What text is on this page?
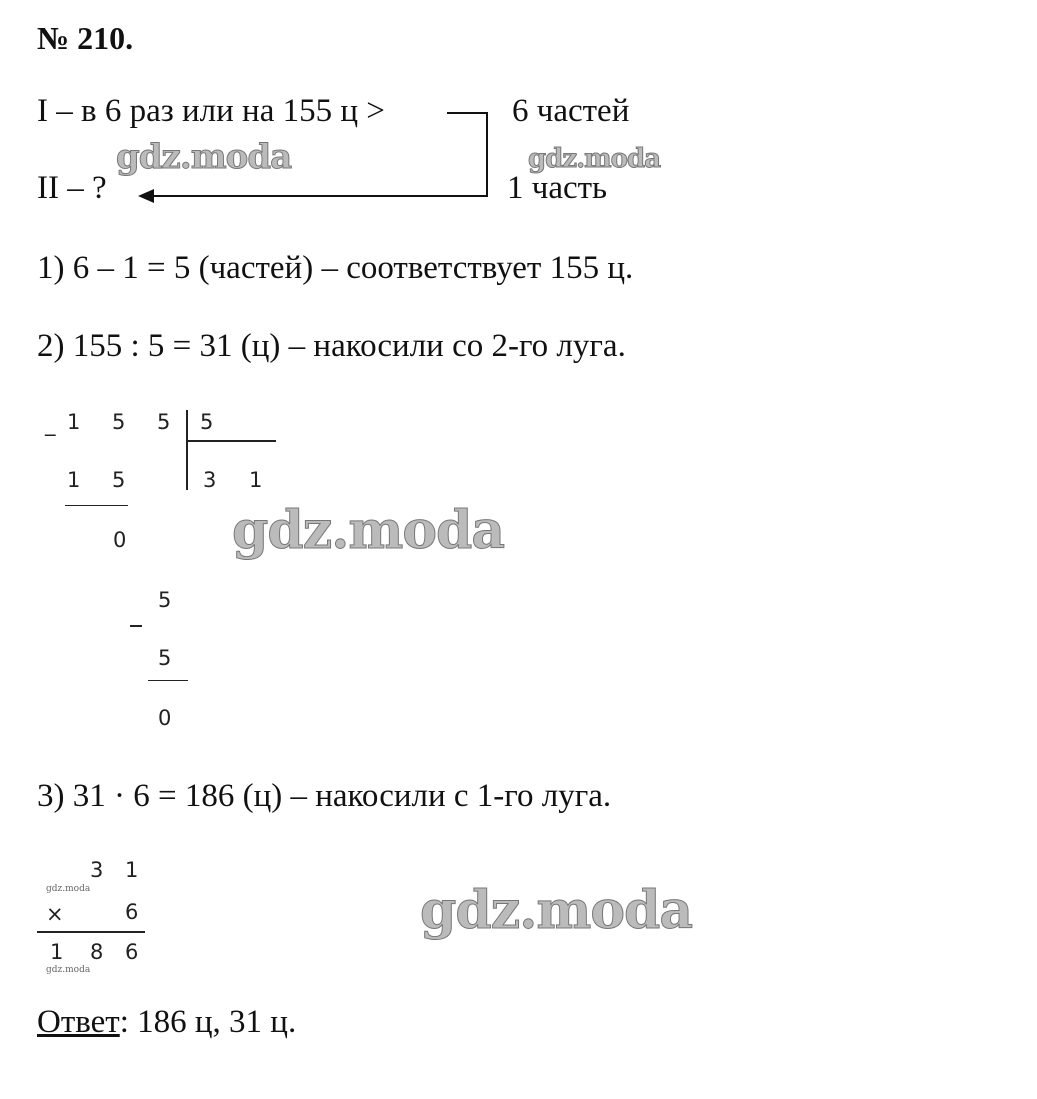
№ 210.
I – в 6 раз или на 155 ц >	6 частей
II – ?	1 часть
gdz.moda	gdz.moda
1) 6 – 1 = 5 (частей) – соответствует 155 ц.
2) 155 : 5 = 31 (ц) – накосили со 2-го луга.
_ 1 5 5 5
3 1
1 5
0
5
5
0
gdz.moda
3) 31 · 6 = 186 (ц) – накосили с 1-го луга.
3 1
×	6
1 8 6
gdz.moda
gdz.moda
gdz.moda
Ответ: 186 ц, 31 ц.
